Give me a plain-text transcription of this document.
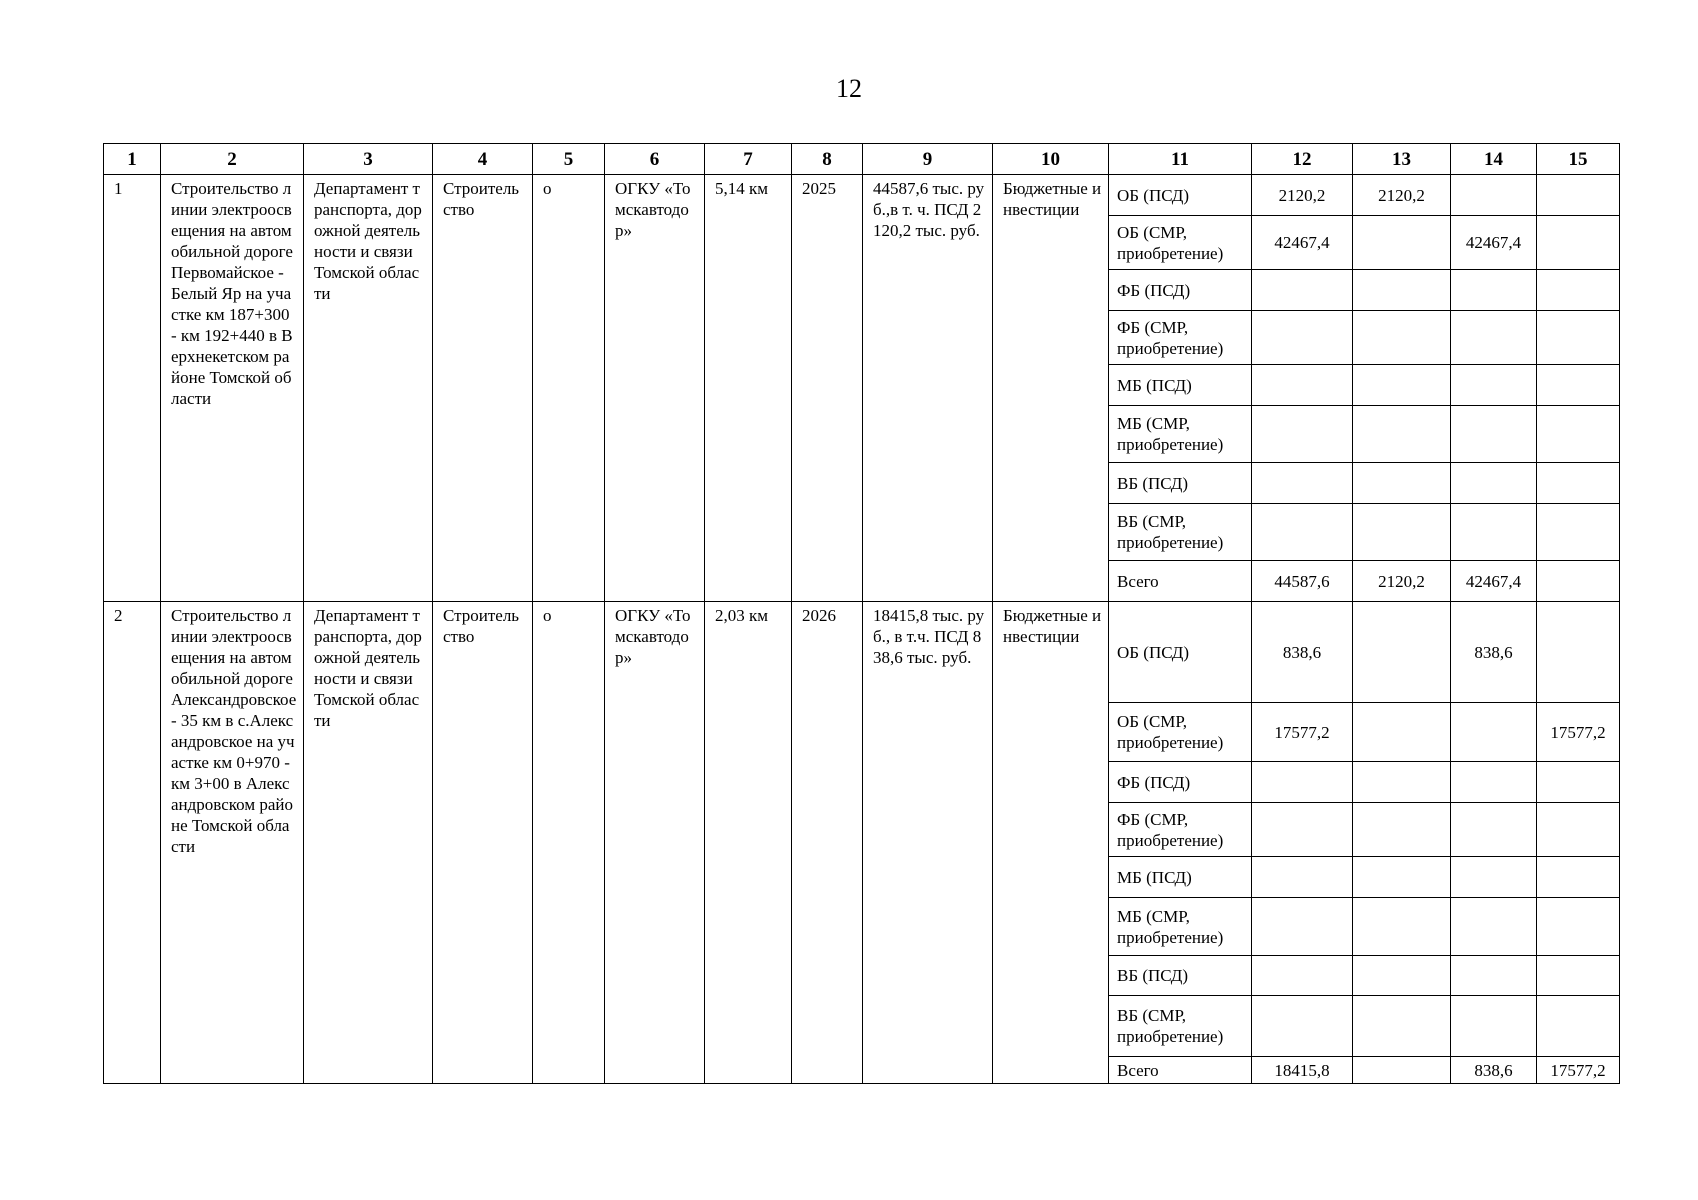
12
1	2	3	4	5	6	7	8	9	10	11	12	13	14	15
1	Строительство линии электроосвещения на автомобильной дороге Первомайское - Белый Яр на участке км 187+300 - км 192+440 в Верхнекетском районе Томской области	Департамент транспорта, дорожной деятельности и связи Томской области	Строительство	о	ОГКУ «Томскавтодор»	5,14 км	2025	44587,6 тыс. руб.,в т. ч. ПСД 2120,2 тыс. руб.	Бюджетные инвестиции	ОБ (ПСД)	2120,2	2120,2		
										ОБ (СМР, приобретение)	42467,4		42467,4	
										ФБ (ПСД)				
										ФБ (СМР, приобретение)				
										МБ (ПСД)				
										МБ (СМР, приобретение)				
										ВБ (ПСД)				
										ВБ (СМР, приобретение)				
										Всего	44587,6	2120,2	42467,4	
2	Строительство линии электроосвещения на автомобильной дороге Александровское - 35 км в с.Александровское на участке км 0+970 - км 3+00 в Александровском районе Томской области	Департамент транспорта, дорожной деятельности и связи Томской области	Строительство	о	ОГКУ «Томскавтодор»	2,03 км	2026	18415,8 тыс. руб., в т.ч. ПСД 838,6 тыс. руб.	Бюджетные инвестиции	ОБ (ПСД)	838,6		838,6	
										ОБ (СМР, приобретение)	17577,2			17577,2
										ФБ (ПСД)				
										ФБ (СМР, приобретение)				
										МБ (ПСД)				
										МБ (СМР, приобретение)				
										ВБ (ПСД)				
										ВБ (СМР, приобретение)				
										Всего	18415,8		838,6	17577,2
